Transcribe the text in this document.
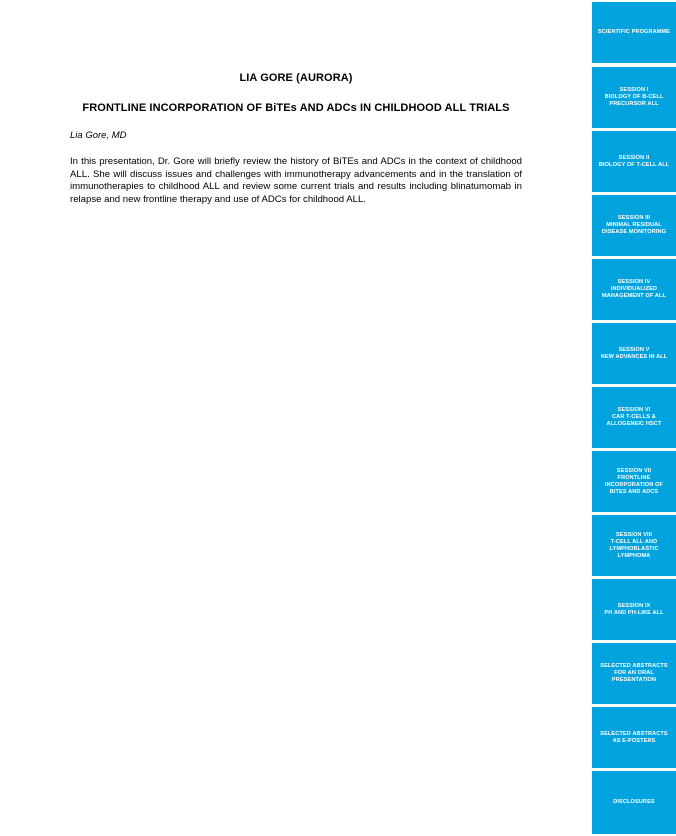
LIA GORE (AURORA)
FRONTLINE INCORPORATION OF BiTEs AND ADCs IN CHILDHOOD ALL TRIALS
Lia Gore, MD
In this presentation, Dr. Gore will briefly review the history of BiTEs and ADCs in the context of childhood ALL. She will discuss issues and challenges with immunotherapy advancements and in the translation of immunotherapies to childhood ALL and review some current trials and results including blinatumomab in relapse and new frontline therapy and use of ADCs for childhood ALL.
SCIENTIFIC PROGRAMME
SESSION I
BIOLOGY OF B-CELL
PRECURSOR ALL
SESSION II
BIOLOGY OF T-CELL ALL
SESSION III
MINIMAL RESIDUAL
DISEASE MONITORING
SESSION IV
INDIVIDUALIZED
MANAGEMENT OF ALL
SESSION V
NEW ADVANCES IN ALL
SESSION VI
CAR T-CELLS &
ALLOGENEIC HSCT
SESSION VII
FRONTLINE
INCORPORATION OF
BITES AND ADCS
SESSION VIII
T-CELL ALL AND
LYMPHOBLASTIC
LYMPHOMA
SESSION IX
PH AND PH-LIKE ALL
SELECTED ABSTRACTS
FOR AN ORAL
PRESENTATION
SELECTED ABSTRACTS
AS E-POSTERS
DISCLOSURES
